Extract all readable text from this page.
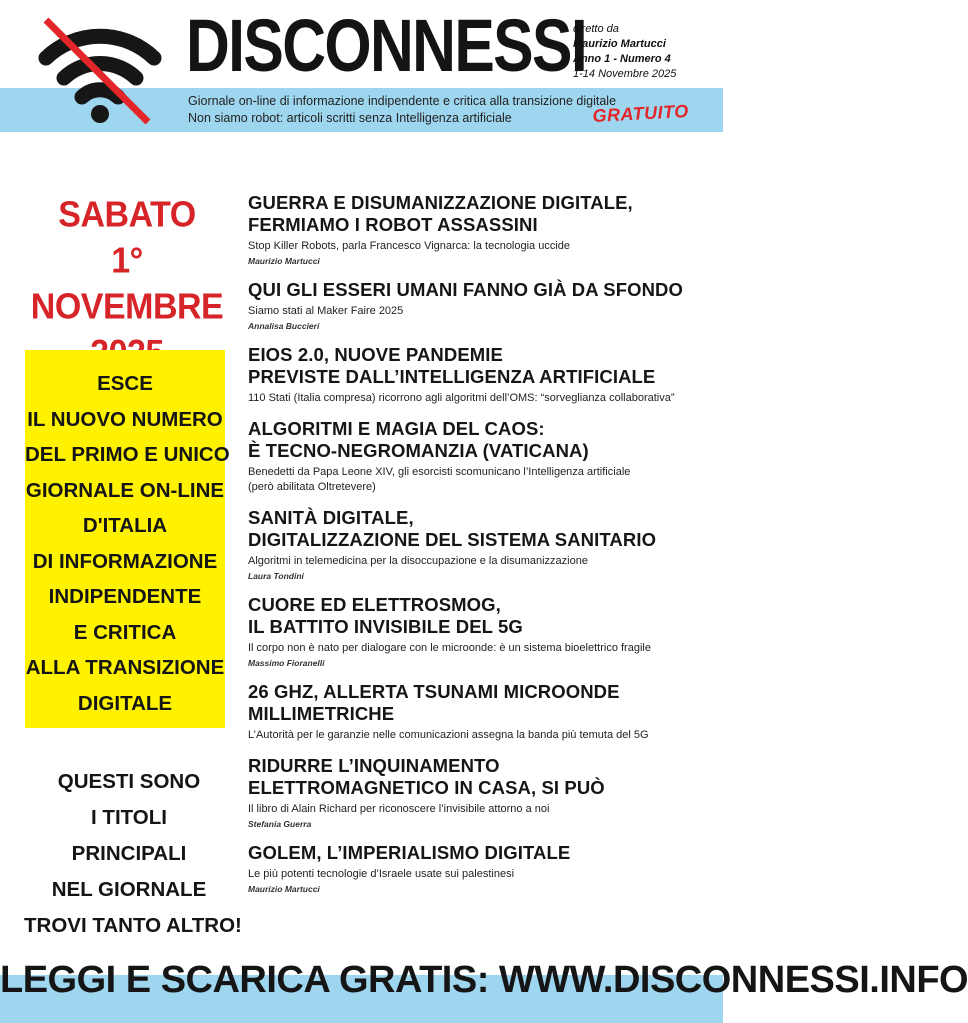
DISCONNESSI
diretto da
Maurizio Martucci
Anno 1 - Numero 4
1-14 Novembre 2025
Giornale on-line di informazione indipendente e critica alla transizione digitale
Non siamo robot: articoli scritti senza Intelligenza artificiale	GRATUITO
SABATO
1° NOVEMBRE
ESCE
IL NUOVO NUMERO
DEL PRIMO E UNICO
GIORNALE ON-LINE
D'ITALIA
DI INFORMAZIONE
INDIPENDENTE
E CRITICA
ALLA TRANSIZIONE
DIGITALE
QUESTI SONO
I TITOLI
PRINCIPALI
NEL GIORNALE
TROVI TANTO ALTRO!
GUERRA E DISUMANIZZAZIONE DIGITALE,
FERMIAMO I ROBOT ASSASSINI
Stop Killer Robots, parla Francesco Vignarca: la tecnologia uccide
Maurizio Martucci
QUI GLI ESSERI UMANI FANNO GIÀ DA SFONDO
Siamo stati al Maker Faire 2025
Annalisa Buccieri
EIOS 2.0, NUOVE PANDEMIE
PREVISTE DALL’INTELLIGENZA ARTIFICIALE
110 Stati (Italia compresa) ricorrono agli algoritmi dell’OMS: “sorveglianza collaborativa”
ALGORITMI E MAGIA DEL CAOS:
È TECNO-NEGROMANZIA (VATICANA)
Benedetti da Papa Leone XIV, gli esorcisti scomunicano l’Intelligenza artificiale
(però abilitata Oltretevere)
SANITÀ DIGITALE,
DIGITALIZZAZIONE DEL SISTEMA SANITARIO
Algoritmi in telemedicina per la disoccupazione e la disumanizzazione
Laura Tondini
CUORE ED ELETTROSMOG,
IL BATTITO INVISIBILE DEL 5G
Il corpo non è nato per dialogare con le microonde: è un sistema bioelettrico fragile
Massimo Fioranelli
26 GHZ, ALLERTA TSUNAMI MICROONDE
MILLIMETRICHE
L’Autorità per le garanzie nelle comunicazioni assegna la banda più temuta del 5G
RIDURRE L’INQUINAMENTO
ELETTROMAGNETICO IN CASA, SI PUÒ
Il libro di Alain Richard per riconoscere l’invisibile attorno a noi
Stefania Guerra
GOLEM, L’IMPERIALISMO DIGITALE
Le più potenti tecnologie d’Israele usate sui palestinesi
Maurizio Martucci
LEGGI E SCARICA GRATIS: WWW.DISCONNESSI.INFO
